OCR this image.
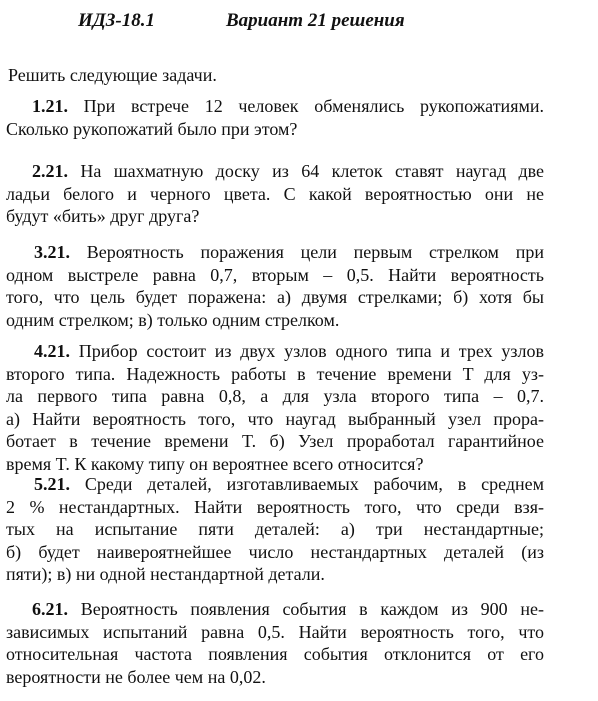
ИДЗ-18.1	Вариант 21 решения
Решить следующие задачи.
1.21. При встрече 12 человек обменялись рукопожатиями.
Сколько рукопожатий было при этом?
2.21. На шахматную доску из 64 клеток ставят наугад две
ладьи белого и черного цвета. С какой вероятностью они не
будут «бить» друг друга?
3.21. Вероятность поражения цели первым стрелком при
одном выстреле равна 0,7, вторым – 0,5. Найти вероятность
того, что цель будет поражена: а) двумя стрелками; б) хотя бы
одним стрелком; в) только одним стрелком.
4.21. Прибор состоит из двух узлов одного типа и трех узлов
второго типа. Надежность работы в течение времени T для уз-
ла первого типа равна 0,8, а для узла второго типа – 0,7.
а) Найти вероятность того, что наугад выбранный узел прора-
ботает в течение времени T. б) Узел проработал гарантийное
время T. К какому типу он вероятнее всего относится?
5.21. Среди деталей, изготавливаемых рабочим, в среднем
2 % нестандартных. Найти вероятность того, что среди взя-
тых на испытание пяти деталей: а) три нестандартные;
б) будет наивероятнейшее число нестандартных деталей (из
пяти); в) ни одной нестандартной детали.
6.21. Вероятность появления события в каждом из 900 не-
зависимых испытаний равна 0,5. Найти вероятность того, что
относительная частота появления события отклонится от его
вероятности не более чем на 0,02.
